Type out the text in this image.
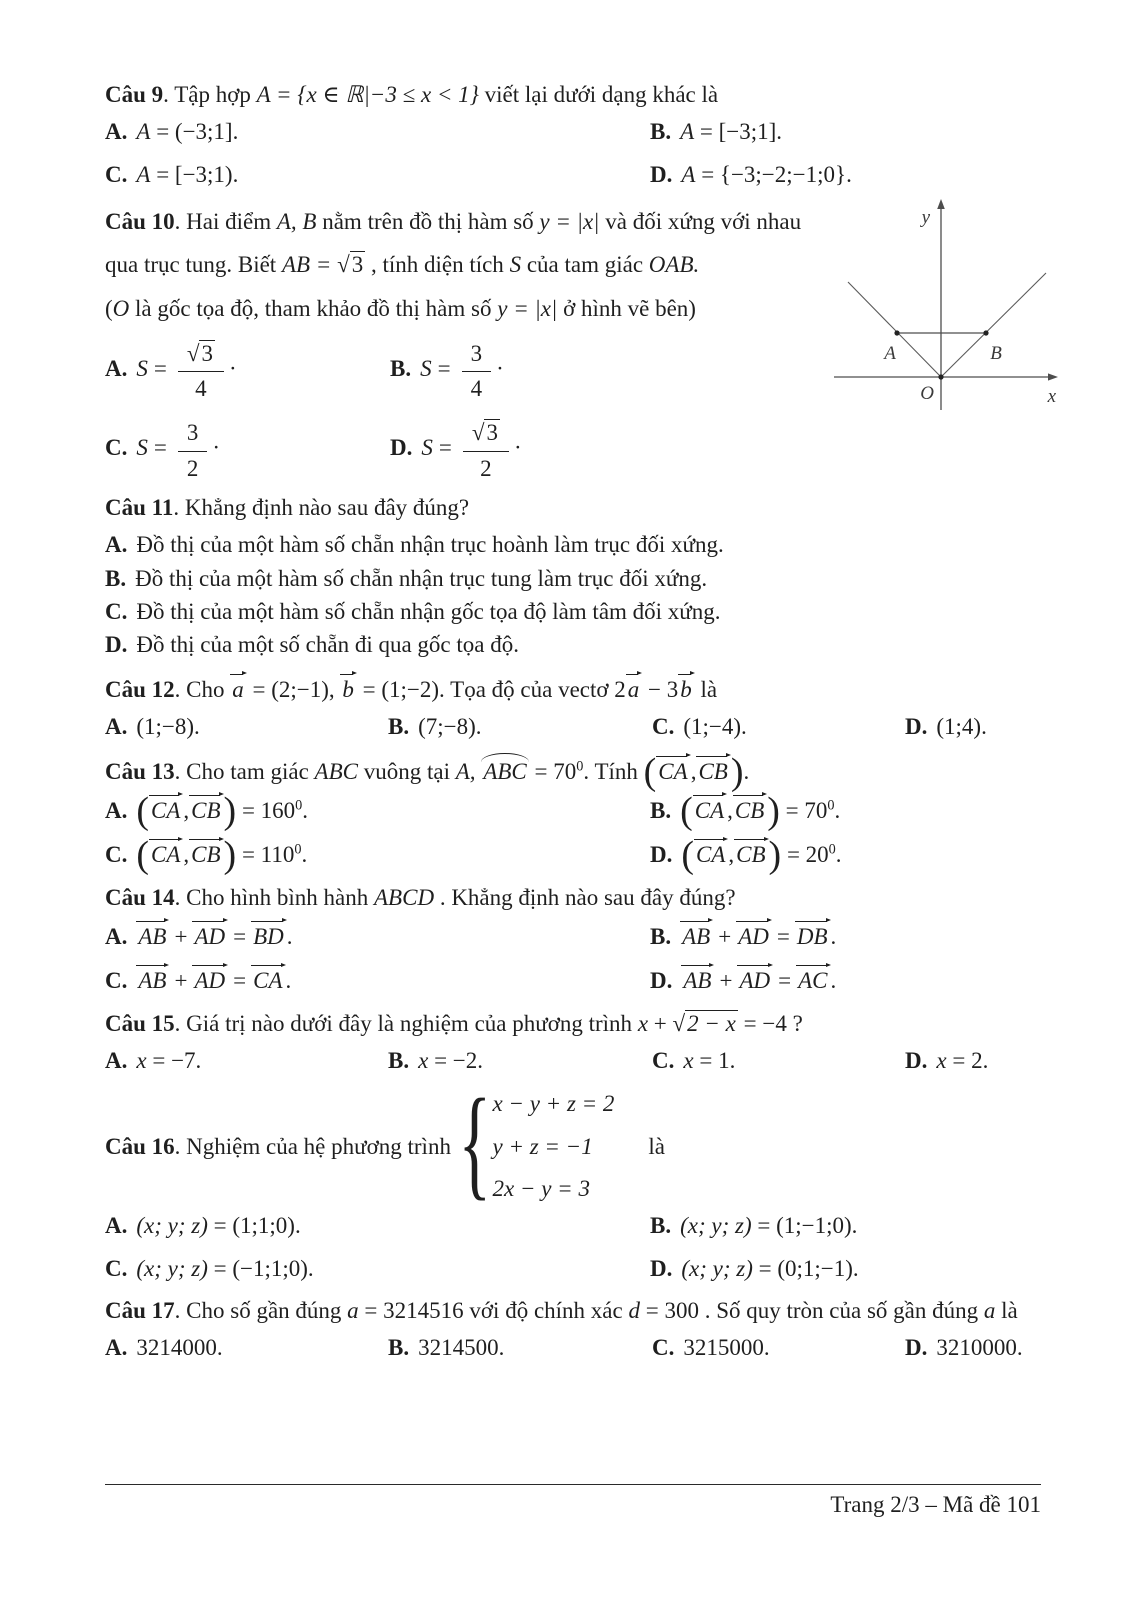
Câu 9. Tập hợp A = {x ∈ ℝ|−3 ≤ x < 1} viết lại dưới dạng khác là

A. A = (−3;1].	B. A = [−3;1].
C. A = [−3;1).	D. A = {−3;−2;−1;0}.

Câu 10. Hai điểm A, B nằm trên đồ thị hàm số y = |x| và đối xứng với nhau qua trục tung. Biết AB = √3 , tính diện tích S của tam giác OAB.
(O là gốc tọa độ, tham khảo đồ thị hàm số y = |x| ở hình vẽ bên)

A. $S = \frac{√3}{4}$ ·	B. $S = \frac{3}{4}$ ·
C. $S = \frac{3}{2}$ ·	D. $S = \frac{√3}{2}$ ·

Câu 11. Khẳng định nào sau đây đúng?

A. Đồ thị của một hàm số chẵn nhận trục hoành làm trục đối xứng.
B. Đồ thị của một hàm số chẵn nhận trục tung làm trục đối xứng.
C. Đồ thị của một hàm số chẵn nhận gốc tọa độ làm tâm đối xứng.
D. Đồ thị của một số chẵn đi qua gốc tọa độ.

Câu 12. Cho a = (2;−1), b = (1;−2). Tọa độ của vectơ 2a − 3b là

A. (1;−8).	B. (7;−8).	C. (1;−4).	D. (1;4).

Câu 13. Cho tam giác ABC vuông tại A, ABC = $70^0$. Tính (CA ,CB).

A. (CA $,CB) = 160^0$.	B. (CA $,CB) = 70^0$.
C. (CA $,CB) = 110^0$.	D. (CA $,CB) = 20^0$.

Câu 14. Cho hình bình hành ABCD . Khẳng định nào sau đây đúng?

A. AB + AD = BD .	B. AB + AD = DB .
C. AB + AD = CA .	D. AB + AD = AC .

Câu 15. Giá trị nào dưới đây là nghiệm của phương trình x + √2 − x = −4 ?

A. x = −7.	B. x = −2.	C. x = 1.	D. x = 2.
Câu 16. Nghiệm của hệ phương trình { x − y + z = 2
y + z = −1
2x − y = 3
là
A. (x; y; z) = (1;1;0).	B. (x; y; z) = (1;−1;0).
C. (x; y; z) = (−1;1;0).	D. (x; y; z) = (0;1;−1).

Câu 17. Cho số gần đúng a = 3214516 với độ chính xác d = 300 . Số quy tròn của số gần đúng a là

A. 3214000.	B. 3214500.	C. 3215000.	D. 3210000.
y
x
O
A	B
Trang 2/3 – Mã đề 101
